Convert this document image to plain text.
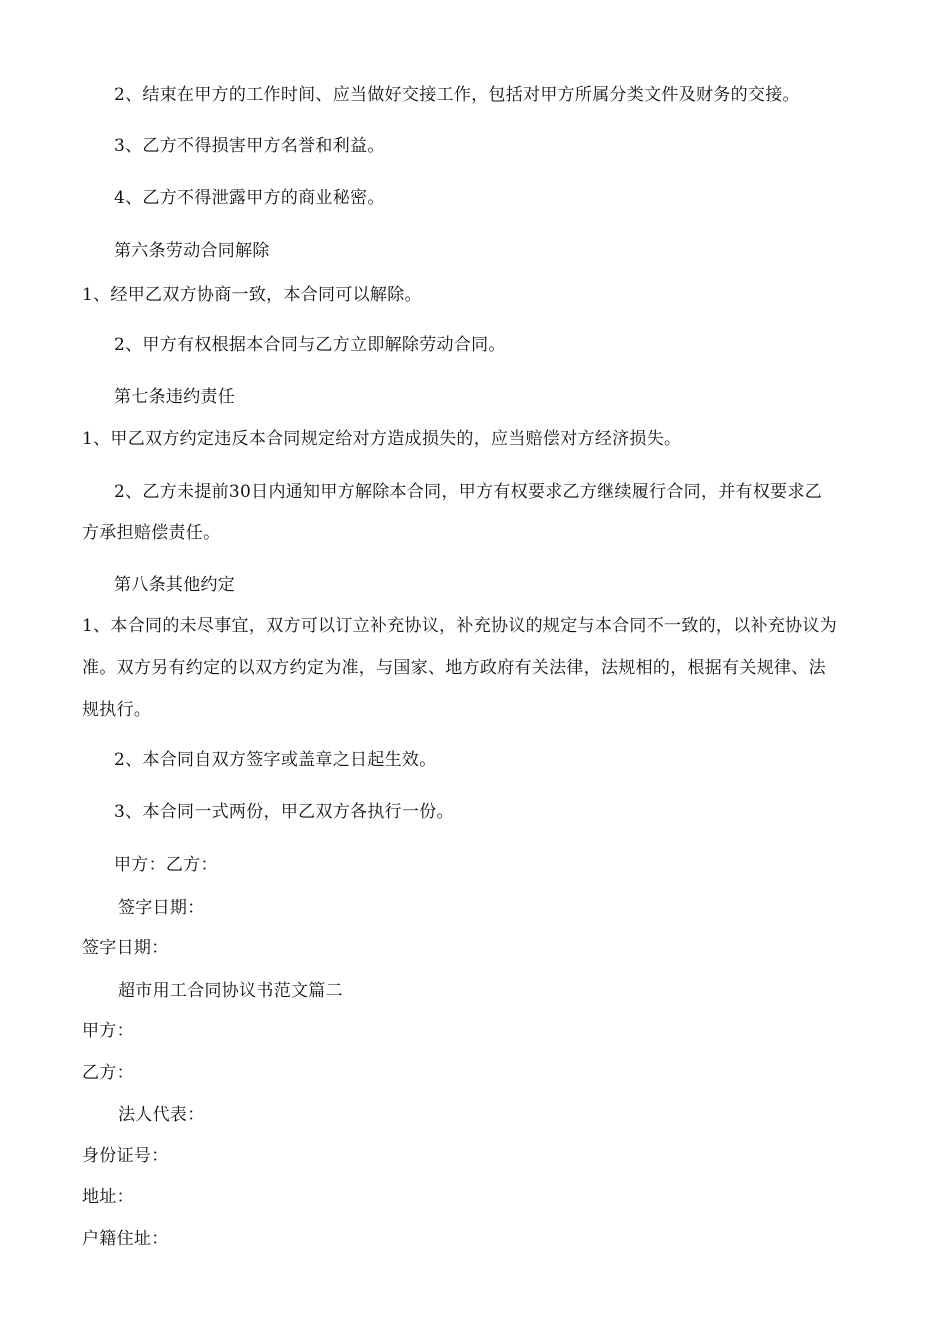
2、结束在甲方的工作时间、应当做好交接工作，包括对甲方所属分类文件及财务的交接。
3、乙方不得损害甲方名誉和利益。
4、乙方不得泄露甲方的商业秘密。
第六条劳动合同解除
1、经甲乙双方协商一致，本合同可以解除。
2、甲方有权根据本合同与乙方立即解除劳动合同。
第七条违约责任
1、甲乙双方约定违反本合同规定给对方造成损失的，应当赔偿对方经济损失。
2、乙方未提前30日内通知甲方解除本合同，甲方有权要求乙方继续履行合同，并有权要求乙
方承担赔偿责任。
第八条其他约定
1、本合同的未尽事宜，双方可以订立补充协议，补充协议的规定与本合同不一致的，以补充协议为
准。双方另有约定的以双方约定为准，与国家、地方政府有关法律，法规相的，根据有关规律、法
规执行。
2、本合同自双方签字或盖章之日起生效。
3、本合同一式两份，甲乙双方各执行一份。
甲方：乙方：
签字日期：
签字日期：
超市用工合同协议书范文篇二
甲方：
乙方：
法人代表：
身份证号：
地址：
户籍住址：
